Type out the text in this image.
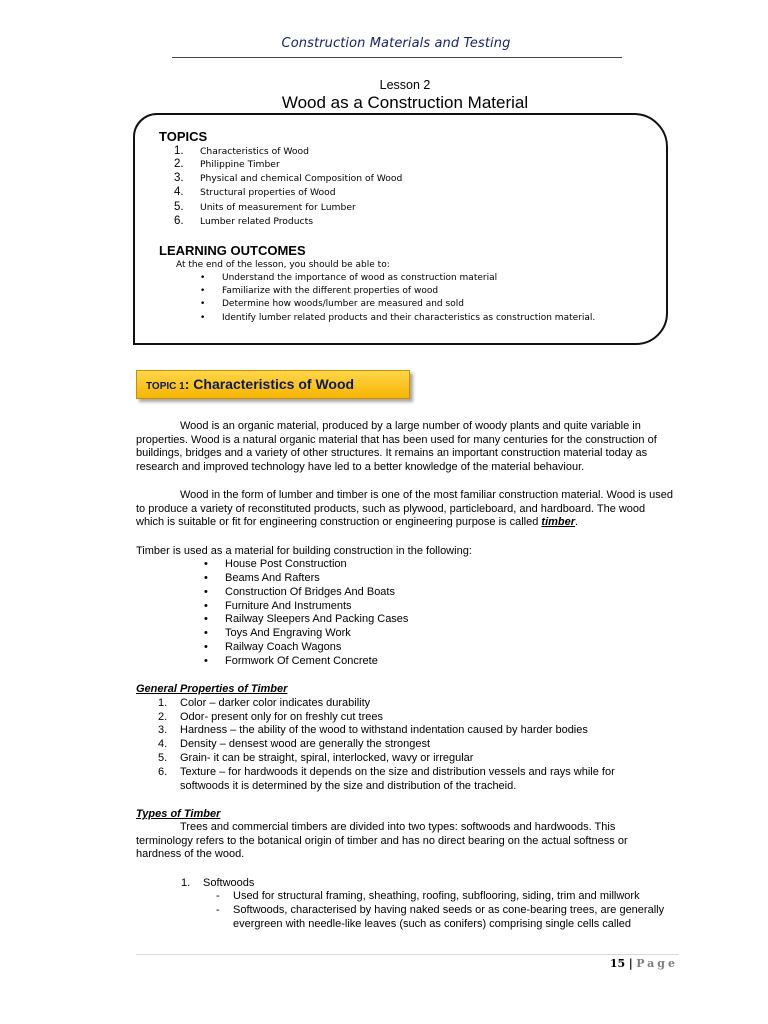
Construction Materials and Testing
Lesson 2
Wood as a Construction Material
TOPICS
1. Characteristics of Wood
2. Philippine Timber
3. Physical and chemical Composition of Wood
4. Structural properties of Wood
5. Units of measurement for Lumber
6. Lumber related Products
LEARNING OUTCOMES
At the end of the lesson, you should be able to:
• Understand the importance of wood as construction material
• Familiarize with the different properties of wood
• Determine how woods/lumber are measured and sold
• Identify lumber related products and their characteristics as construction material.
TOPIC 1: Characteristics of Wood
Wood is an organic material, produced by a large number of woody plants and quite variable in properties. Wood is a natural organic material that has been used for many centuries for the construction of buildings, bridges and a variety of other structures. It remains an important construction material today as research and improved technology have led to a better knowledge of the material behaviour.
Wood in the form of lumber and timber is one of the most familiar construction material. Wood is used to produce a variety of reconstituted products, such as plywood, particleboard, and hardboard. The wood which is suitable or fit for engineering construction or engineering purpose is called timber.
Timber is used as a material for building construction in the following:
• House Post Construction
• Beams And Rafters
• Construction Of Bridges And Boats
• Furniture And Instruments
• Railway Sleepers And Packing Cases
• Toys And Engraving Work
• Railway Coach Wagons
• Formwork Of Cement Concrete
General Properties of Timber
1. Color – darker color indicates durability
2. Odor- present only for on freshly cut trees
3. Hardness – the ability of the wood to withstand indentation caused by harder bodies
4. Density – densest wood are generally the strongest
5. Grain- it can be straight, spiral, interlocked, wavy or irregular
6. Texture – for hardwoods it depends on the size and distribution vessels and rays while for
softwoods it is determined by the size and distribution of the tracheid.
Types of Timber
Trees and commercial timbers are divided into two types: softwoods and hardwoods. This terminology refers to the botanical origin of timber and has no direct bearing on the actual softness or hardness of the wood.
1. Softwoods
- Used for structural framing, sheathing, roofing, subflooring, siding, trim and millwork
- Softwoods, characterised by having naked seeds or as cone-bearing trees, are generally
evergreen with needle-like leaves (such as conifers) comprising single cells called
15 | Page
